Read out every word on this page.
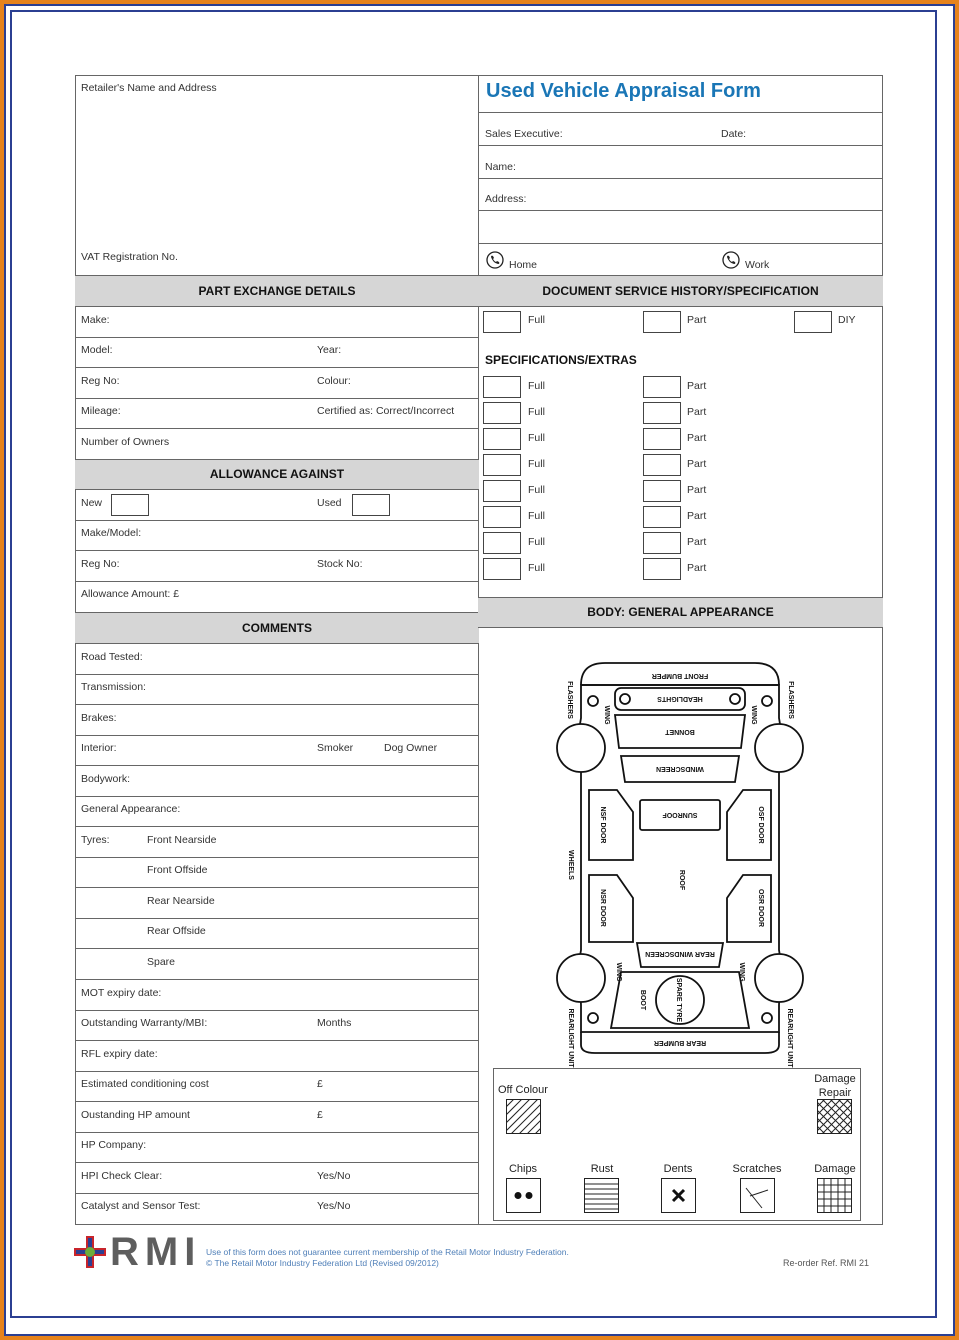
Retailer's Name and Address
VAT Registration No.
Used Vehicle Appraisal Form
Sales Executive:	Date:
Name:
Address:
Home	Work
PART EXCHANGE DETAILS
Make:
Model:	Year:
Reg No:	Colour:
Mileage:	Certified as: Correct/Incorrect
Number of Owners
ALLOWANCE AGAINST
New	Used
Make/Model:
Reg No:	Stock No:
Allowance Amount: £
COMMENTS
Road Tested:
Transmission:
Brakes:
Interior:	Smoker	Dog Owner
Bodywork:
General Appearance:
Tyres:	Front Nearside
Front Offside
Rear Nearside
Rear Offside
Spare
MOT expiry date:
Outstanding Warranty/MBI:	Months
RFL expiry date:
Estimated conditioning cost	£
Oustanding HP amount	£
HP Company:
HPI Check Clear:	Yes/No
Catalyst and Sensor Test:	Yes/No
DOCUMENT SERVICE HISTORY/SPECIFICATION
Full	Part	DIY
SPECIFICATIONS/EXTRAS
Full	Part
Full	Part
Full	Part
Full	Part
Full	Part
Full	Part
Full	Part
Full	Part
BODY: GENERAL APPEARANCE
FRONT BUMPER
HEADLIGHTS
BONNET
WINDSCREEN
SUNROOF
ROOF
NSF DOOR	OSF DOOR
NSR DOOR	OSR DOOR
REAR WINDSCREEN
BOOT	SPARE TYRE
REAR BUMPER
WING	WING
WING	WING
FLASHERS	FLASHERS
WHEELS
REARLIGHT UNIT	REARLIGHT UNIT
Off Colour
Damage
Repair
Chips	Rust	Dents	Scratches	Damage
RMI Use of this form does not guarantee current membership of the Retail Motor Industry Federation.
© The Retail Motor Industry Federation Ltd (Revised 09/2012)	Re-order Ref. RMI 21
